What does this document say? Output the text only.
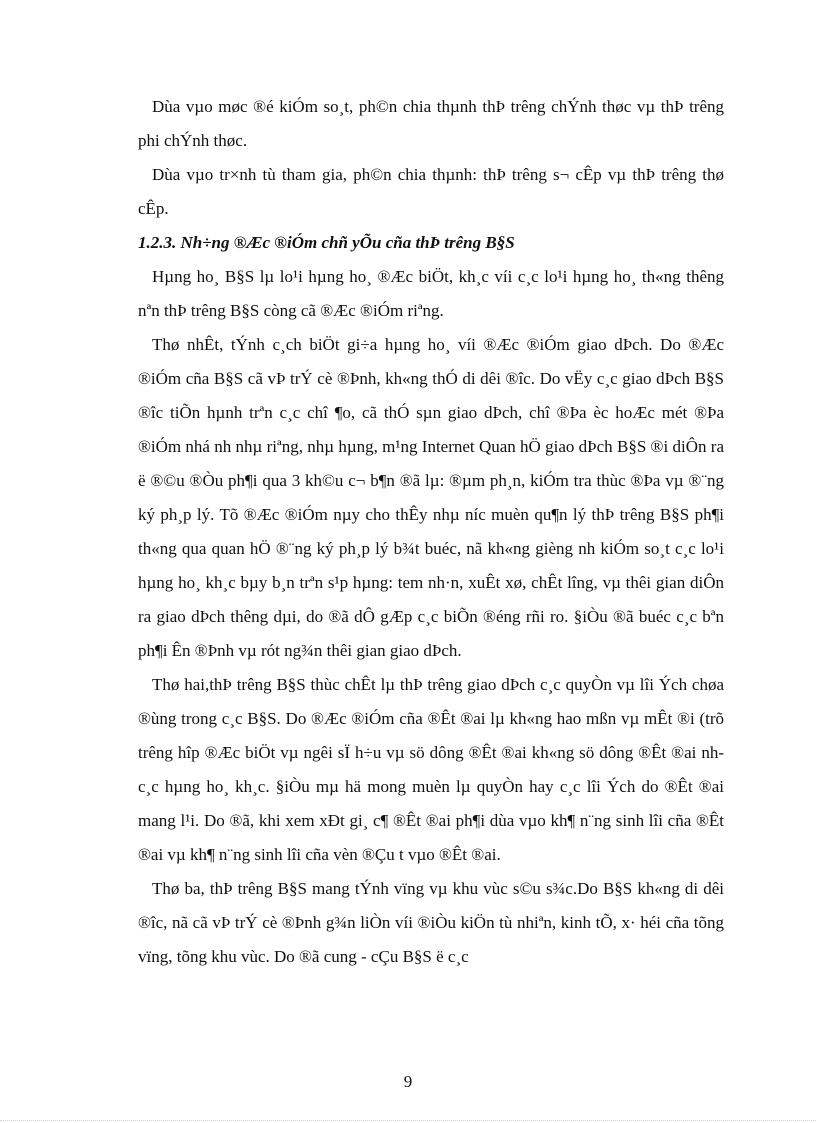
Dùa vµo møc ®é kiÓm so¸t, ph©n chia thµnh thÞ trêng chÝnh thøc vµ thÞ trêng phi chÝnh thøc.

Dùa vµo tr×nh tù tham gia, ph©n chia thµnh: thÞ trêng s¬ cÊp vµ thÞ trêng thø cÊp.

1.2.3. Nh÷ng ®Æc ®iÓm chñ yÕu cña thÞ trêng B§S

Hµng ho¸ B§S lµ lo¹i hµng ho¸ ®Æc biÖt, kh¸c víi c¸c lo¹i hµng ho¸ th«ng thêng nªn thÞ trêng B§S còng cã ®Æc ®iÓm riªng.

Thø nhÊt, tÝnh c¸ch biÖt gi÷a hµng ho¸ víi ®Æc ®iÓm giao dÞch. Do ®Æc ®iÓm cña B§S cã vÞ trÝ cè ®Þnh, kh«ng thÓ di dêi ®îc. Do vËy c¸c giao dÞch B§S ®îc tiÕn hµnh trªn c¸c chî ¶o, cã thÓ sµn giao dÞch, chî ®Þa èc hoÆc mét ®Þa ®iÓm nhá nh nhµ riªng, nhµ hµng, m¹ng Internet Quan hÖ giao dÞch B§S ®i diÔn ra ë ®©u ®Òu ph¶i qua 3 kh©u c¬ b¶n ®ã lµ: ®µm ph¸n, kiÓm tra thùc ®Þa vµ ®¨ng ký ph¸p lý. Tõ ®Æc ®iÓm nµy cho thÊy nhµ níc muèn qu¶n lý thÞ trêng B§S ph¶i th«ng qua quan hÖ ®¨ng ký ph¸p lý b¾t buéc, nã kh«ng gièng nh kiÓm so¸t c¸c lo¹i hµng ho¸ kh¸c bµy b¸n trªn s¹p hµng: tem nh·n, xuÊt xø, chÊt lîng, vµ thêi gian diÔn ra giao dÞch thêng dµi, do ®ã dÔ gÆp c¸c biÕn ®éng rñi ro. §iÒu ®ã buéc c¸c bªn ph¶i Ên ®Þnh vµ rót ng¾n thêi gian giao dÞch.

Thø hai,thÞ trêng B§S thùc chÊt lµ thÞ trêng giao dÞch c¸c quyÒn vµ lîi Ých chøa ®ùng trong c¸c B§S. Do ®Æc ®iÓm cña ®Êt ®ai lµ kh«ng hao mßn vµ mÊt ®i (trõ trêng hîp ®Æc biÖt vµ ngêi sÏ h÷u vµ sö dông ®Êt ®ai kh«ng sö dông ®Êt ®ai nh c¸c hµng ho¸ kh¸c. §iÒu mµ hä mong muèn lµ quyÒn hay c¸c lîi Ých do ®Êt ®ai mang l¹i. Do ®ã, khi xem xÐt gi¸ c¶ ®Êt ®ai ph¶i dùa vµo kh¶ n¨ng sinh lîi cña ®Êt ®ai vµ kh¶ n¨ng sinh lîi cña vèn ®Çu t vµo ®Êt ®ai.

Thø ba, thÞ trêng B§S mang tÝnh vïng vµ khu vùc s©u s¾c.Do B§S kh«ng di dêi ®îc, nã cã vÞ trÝ cè ®Þnh g¾n liÒn víi ®iÒu kiÖn tù nhiªn, kinh tÕ, x· héi cña tõng vïng, tõng khu vùc. Do ®ã cung - cÇu B§S ë c¸c

9
